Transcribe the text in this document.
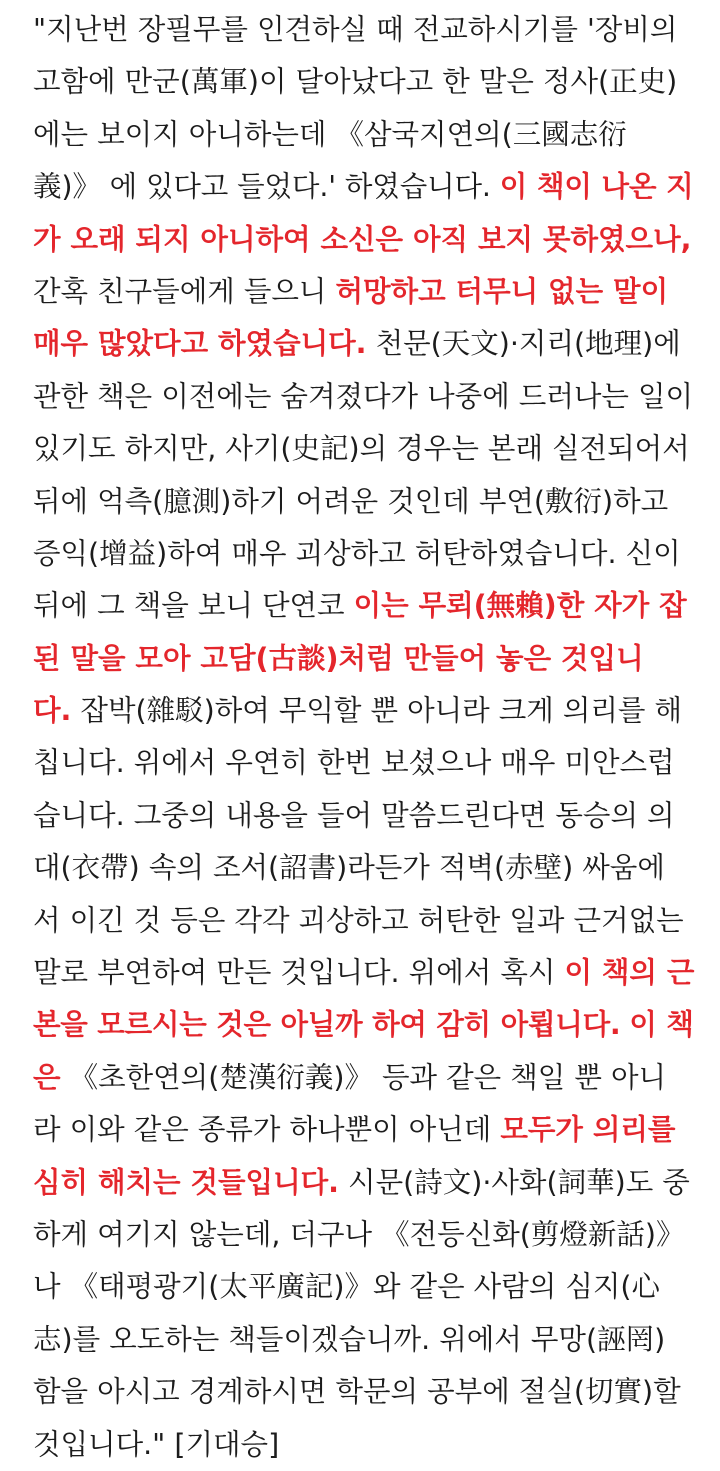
"지난번 장필무를 인견하실 때 전교하시기를 '장비의
고함에 만군(萬軍)이 달아났다고 한 말은 정사(正史)
에는 보이지 아니하는데 《삼국지연의(三國志衍
義)》 에 있다고 들었다.' 하였습니다. 이 책이 나온 지
가 오래 되지 아니하여 소신은 아직 보지 못하였으나,
간혹 친구들에게 들으니 허망하고 터무니 없는 말이
매우 많았다고 하였습니다. 천문(天文)·지리(地理)에
관한 책은 이전에는 숨겨졌다가 나중에 드러나는 일이
있기도 하지만, 사기(史記)의 경우는 본래 실전되어서
뒤에 억측(臆測)하기 어려운 것인데 부연(敷衍)하고
증익(增益)하여 매우 괴상하고 허탄하였습니다. 신이
뒤에 그 책을 보니 단연코 이는 무뢰(無賴)한 자가 잡
된 말을 모아 고담(古談)처럼 만들어 놓은 것입니
다. 잡박(雜駁)하여 무익할 뿐 아니라 크게 의리를 해
칩니다. 위에서 우연히 한번 보셨으나 매우 미안스럽
습니다. 그중의 내용을 들어 말씀드린다면 동승의 의
대(衣帶) 속의 조서(詔書)라든가 적벽(赤壁) 싸움에
서 이긴 것 등은 각각 괴상하고 허탄한 일과 근거없는
말로 부연하여 만든 것입니다. 위에서 혹시 이 책의 근
본을 모르시는 것은 아닐까 하여 감히 아룁니다. 이 책
은 《초한연의(楚漢衍義)》 등과 같은 책일 뿐 아니
라 이와 같은 종류가 하나뿐이 아닌데 모두가 의리를
심히 해치는 것들입니다. 시문(詩文)·사화(詞華)도 중
하게 여기지 않는데, 더구나 《전등신화(剪燈新話)》
나 《태평광기(太平廣記)》와 같은 사람의 심지(心
志)를 오도하는 책들이겠습니까. 위에서 무망(誣罔)
함을 아시고 경계하시면 학문의 공부에 절실(切實)할
것입니다." [기대승]
